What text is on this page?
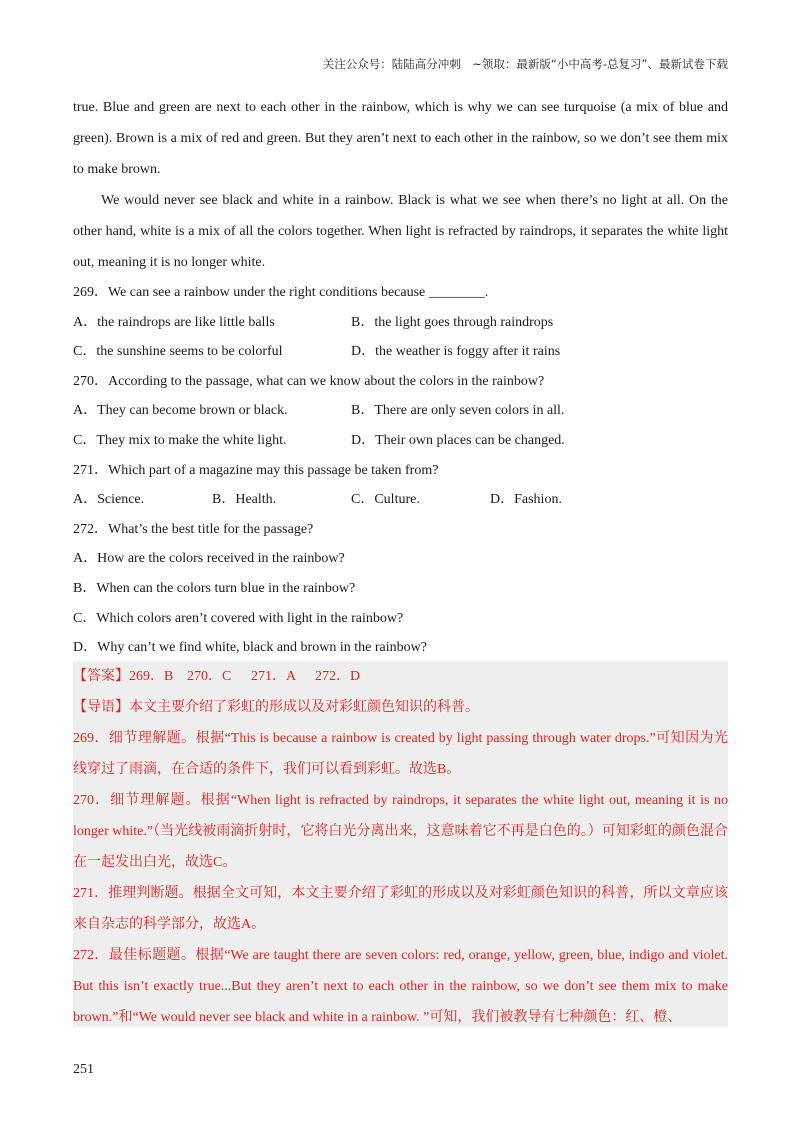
关注公众号：陆陆高分冲刺　~领取：最新版“小中高考-总复习”、最新试卷下载

true. Blue and green are next to each other in the rainbow, which is why we can see turquoise (a mix of blue and green). Brown is a mix of red and green. But they aren’t next to each other in the rainbow, so we don’t see them mix to make brown.

We would never see black and white in a rainbow. Black is what we see when there’s no light at all. On the other hand, white is a mix of all the colors together. When light is refracted by raindrops, it separates the white light out, meaning it is no longer white.

269．We can see a rainbow under the right conditions because ________.

A．the raindrops are like little balls	B．the light goes through raindrops
C．the sunshine seems to be colorful	D．the weather is foggy after it rains

270．According to the passage, what can we know about the colors in the rainbow?

A．They can become brown or black.	B．There are only seven colors in all.
C．They mix to make the white light.	D．Their own places can be changed.

271．Which part of a magazine may this passage be taken from?

A．Science.	B．Health.	C．Culture.	D．Fashion.

272．What’s the best title for the passage?

A．How are the colors received in the rainbow?

B．When can the colors turn blue in the rainbow?

C．Which colors aren’t covered with light in the rainbow?

D．Why can’t we find white, black and brown in the rainbow?

【答案】269．B 270．C 271．A 272．D

【导语】本文主要介绍了彩虹的形成以及对彩虹颜色知识的科普。

269．细节理解题。根据“This is because a rainbow is created by light passing through water drops.”可知因为光线穿过了雨滴，在合适的条件下，我们可以看到彩虹。故选B。

270．细节理解题。根据“When light is refracted by raindrops, it separates the white light out, meaning it is no longer white.”（当光线被雨滴折射时，它将白光分离出来，这意味着它不再是白色的。）可知彩虹的颜色混合在一起发出白光，故选C。

271．推理判断题。根据全文可知，本文主要介绍了彩虹的形成以及对彩虹颜色知识的科普，所以文章应该来自杂志的科学部分，故选A。

272．最佳标题题。根据“We are taught there are seven colors: red, orange, yellow, green, blue, indigo and violet. But this isn’t exactly true...But they aren’t next to each other in the rainbow, so we don’t see them mix to make brown.”和“We would never see black and white in a rainbow. ”可知，我们被教导有七种颜色：红、橙、

251
